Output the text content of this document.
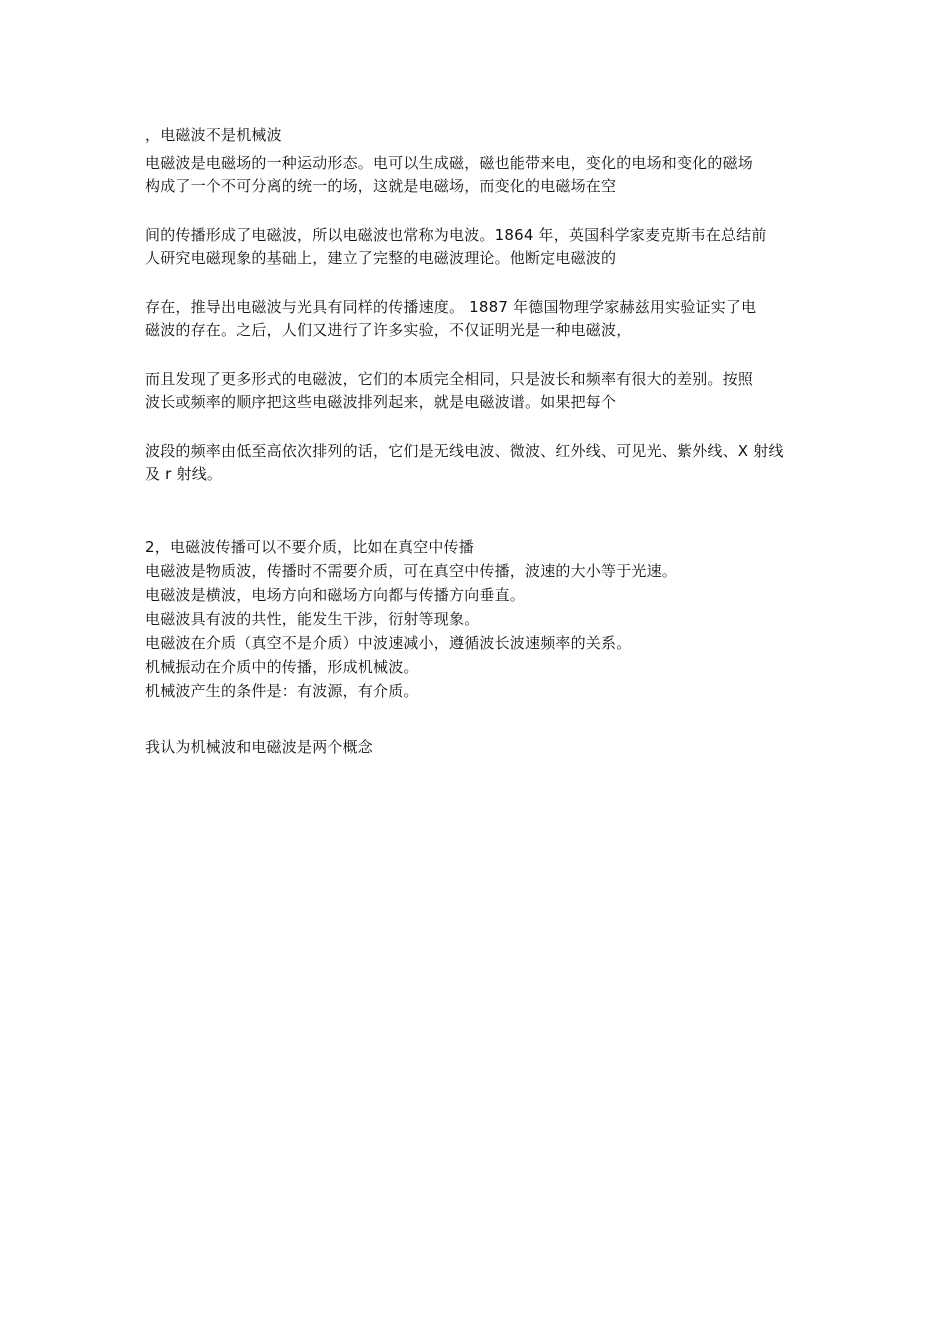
，电磁波不是机械波
电磁波是电磁场的一种运动形态。电可以生成磁，磁也能带来电，变化的电场和变化的磁场
构成了一个不可分离的统一的场，这就是电磁场，而变化的电磁场在空
间的传播形成了电磁波，所以电磁波也常称为电波。1864 年，英国科学家麦克斯韦在总结前
人研究电磁现象的基础上，建立了完整的电磁波理论。他断定电磁波的
存在，推导出电磁波与光具有同样的传播速度。 1887 年德国物理学家赫兹用实验证实了电
磁波的存在。之后，人们又进行了许多实验，不仅证明光是一种电磁波，
而且发现了更多形式的电磁波，它们的本质完全相同，只是波长和频率有很大的差别。按照
波长或频率的顺序把这些电磁波排列起来，就是电磁波谱。如果把每个
波段的频率由低至高依次排列的话，它们是无线电波、微波、红外线、可见光、紫外线、X 射线
及 r 射线。
2，电磁波传播可以不要介质，比如在真空中传播
电磁波是物质波，传播时不需要介质，可在真空中传播，波速的大小等于光速。
电磁波是横波，电场方向和磁场方向都与传播方向垂直。
电磁波具有波的共性，能发生干涉，衍射等现象。
电磁波在介质（真空不是介质）中波速减小，遵循波长波速频率的关系。
机械振动在介质中的传播，形成机械波。
机械波产生的条件是：有波源，有介质。
我认为机械波和电磁波是两个概念
